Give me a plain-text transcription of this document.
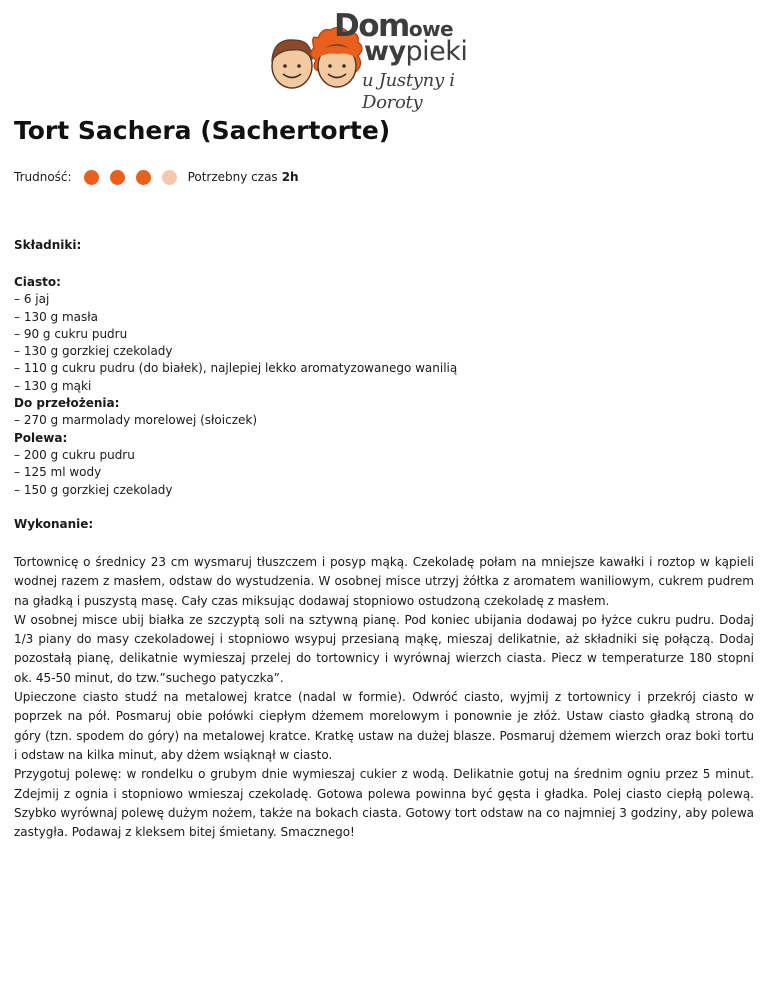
Domowe
wypieki
u Justyny i Doroty
Tort Sachera (Sachertorte)
Trudność:	Potrzebny czas 2h
Składniki:
Ciasto:
– 6 jaj
– 130 g masła
– 90 g cukru pudru
– 130 g gorzkiej czekolady
– 110 g cukru pudru (do białek), najlepiej lekko aromatyzowanego wanilią
– 130 g mąki
Do przełożenia:
– 270 g marmolady morelowej (słoiczek)
Polewa:
– 200 g cukru pudru
– 125 ml wody
– 150 g gorzkiej czekolady
Wykonanie:

Tortownicę o średnicy 23 cm wysmaruj tłuszczem i posyp mąką. Czekoladę połam na mniejsze kawałki i roztop w kąpieli wodnej razem z masłem, odstaw do wystudzenia. W osobnej misce utrzyj żółtka z aromatem waniliowym, cukrem pudrem na gładką i puszystą masę. Cały czas miksując dodawaj stopniowo ostudzoną czekoladę z masłem.

W osobnej misce ubij białka ze szczyptą soli na sztywną pianę. Pod koniec ubijania dodawaj po łyżce cukru pudru. Dodaj 1/3 piany do masy czekoladowej i stopniowo wsypuj przesianą mąkę, mieszaj delikatnie, aż składniki się połączą. Dodaj pozostałą pianę, delikatnie wymieszaj przelej do tortownicy i wyrównaj wierzch ciasta. Piecz w temperaturze 180 stopni ok. 45-50 minut, do tzw.”suchego patyczka”.

Upieczone ciasto studź na metalowej kratce (nadal w formie). Odwróć ciasto, wyjmij z tortownicy i przekrój ciasto w poprzek na pół. Posmaruj obie połówki ciepłym dżemem morelowym i ponownie je złóż. Ustaw ciasto gładką stroną do góry (tzn. spodem do góry) na metalowej kratce. Kratkę ustaw na dużej blasze. Posmaruj dżemem wierzch oraz boki tortu i odstaw na kilka minut, aby dżem wsiąknął w ciasto.

Przygotuj polewę: w rondelku o grubym dnie wymieszaj cukier z wodą. Delikatnie gotuj na średnim ogniu przez 5 minut. Zdejmij z ognia i stopniowo wmieszaj czekoladę. Gotowa polewa powinna być gęsta i gładka. Polej ciasto ciepłą polewą. Szybko wyrównaj polewę dużym nożem, także na bokach ciasta. Gotowy tort odstaw na co najmniej 3 godziny, aby polewa zastygła. Podawaj z kleksem bitej śmietany. Smacznego!
